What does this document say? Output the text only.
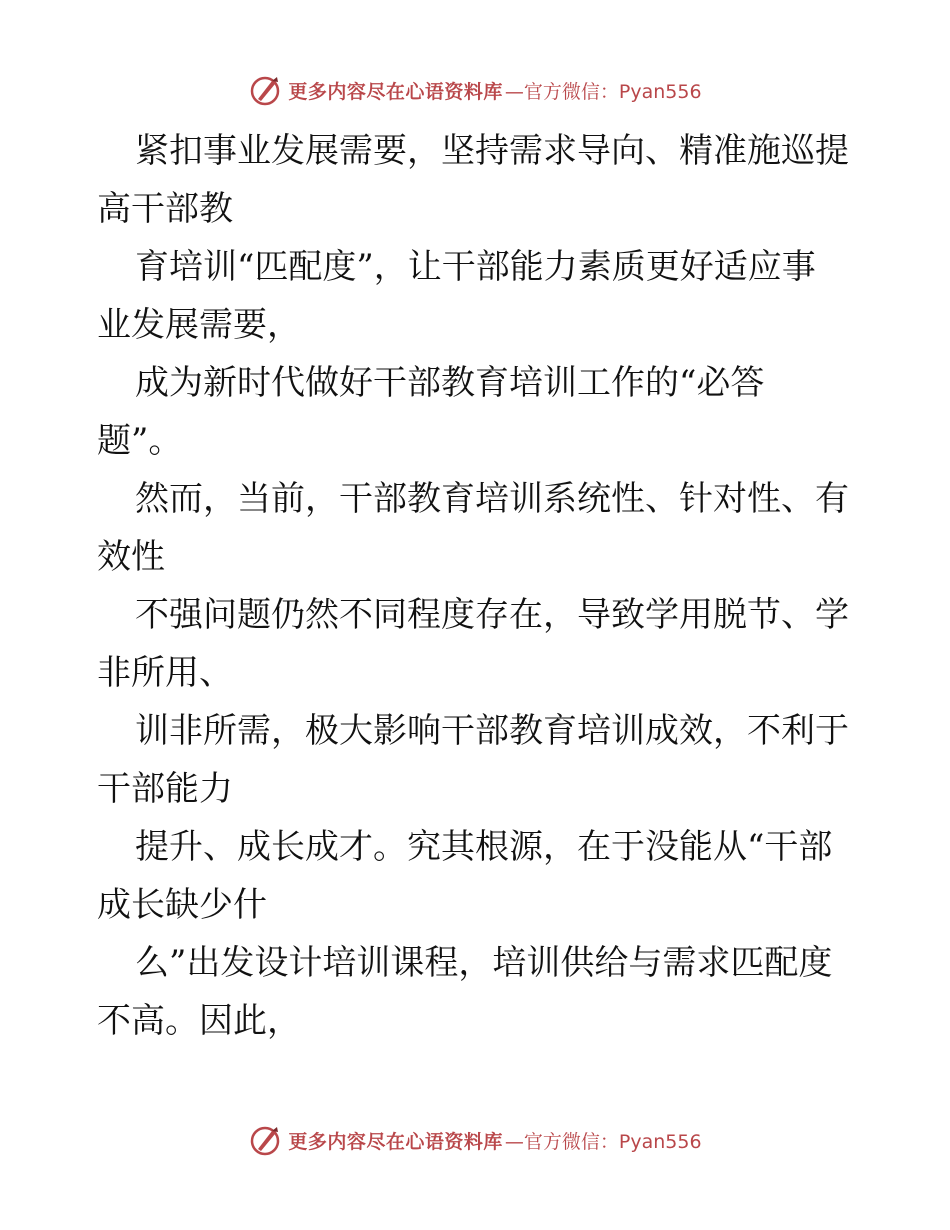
更多内容尽在心语资料库 —官方微信：Pyan556
紧扣事业发展需要，坚持需求导向、精准施巡提
高干部教
育培训“匹配度”，让干部能力素质更好适应事
业发展需要，
成为新时代做好干部教育培训工作的“必答
题”。
然而，当前，干部教育培训系统性、针对性、有
效性
不强问题仍然不同程度存在，导致学用脱节、学
非所用、
训非所需，极大影响干部教育培训成效，不利于
干部能力
提升、成长成才。究其根源，在于没能从“干部
成长缺少什
么”出发设计培训课程，培训供给与需求匹配度
不高。因此，
更多内容尽在心语资料库 —官方微信：Pyan556
